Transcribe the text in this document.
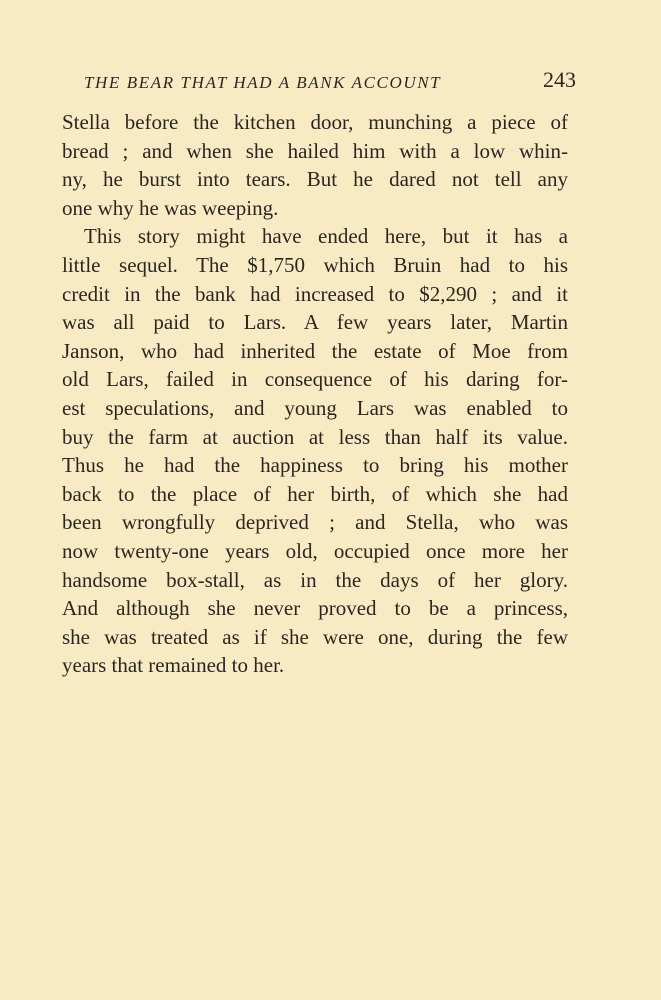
THE BEAR THAT HAD A BANK ACCOUNT	243
Stella before the kitchen door, munching a piece of
bread ; and when she hailed him with a low whin-
ny, he burst into tears. But he dared not tell any
one why he was weeping.
This story might have ended here, but it has a
little sequel. The $1,750 which Bruin had to his
credit in the bank had increased to $2,290 ; and it
was all paid to Lars. A few years later, Martin
Janson, who had inherited the estate of Moe from
old Lars, failed in consequence of his daring for-
est speculations, and young Lars was enabled to
buy the farm at auction at less than half its value.
Thus he had the happiness to bring his mother
back to the place of her birth, of which she had
been wrongfully deprived ; and Stella, who was
now twenty-one years old, occupied once more her
handsome box-stall, as in the days of her glory.
And although she never proved to be a princess,
she was treated as if she were one, during the few
years that remained to her.
